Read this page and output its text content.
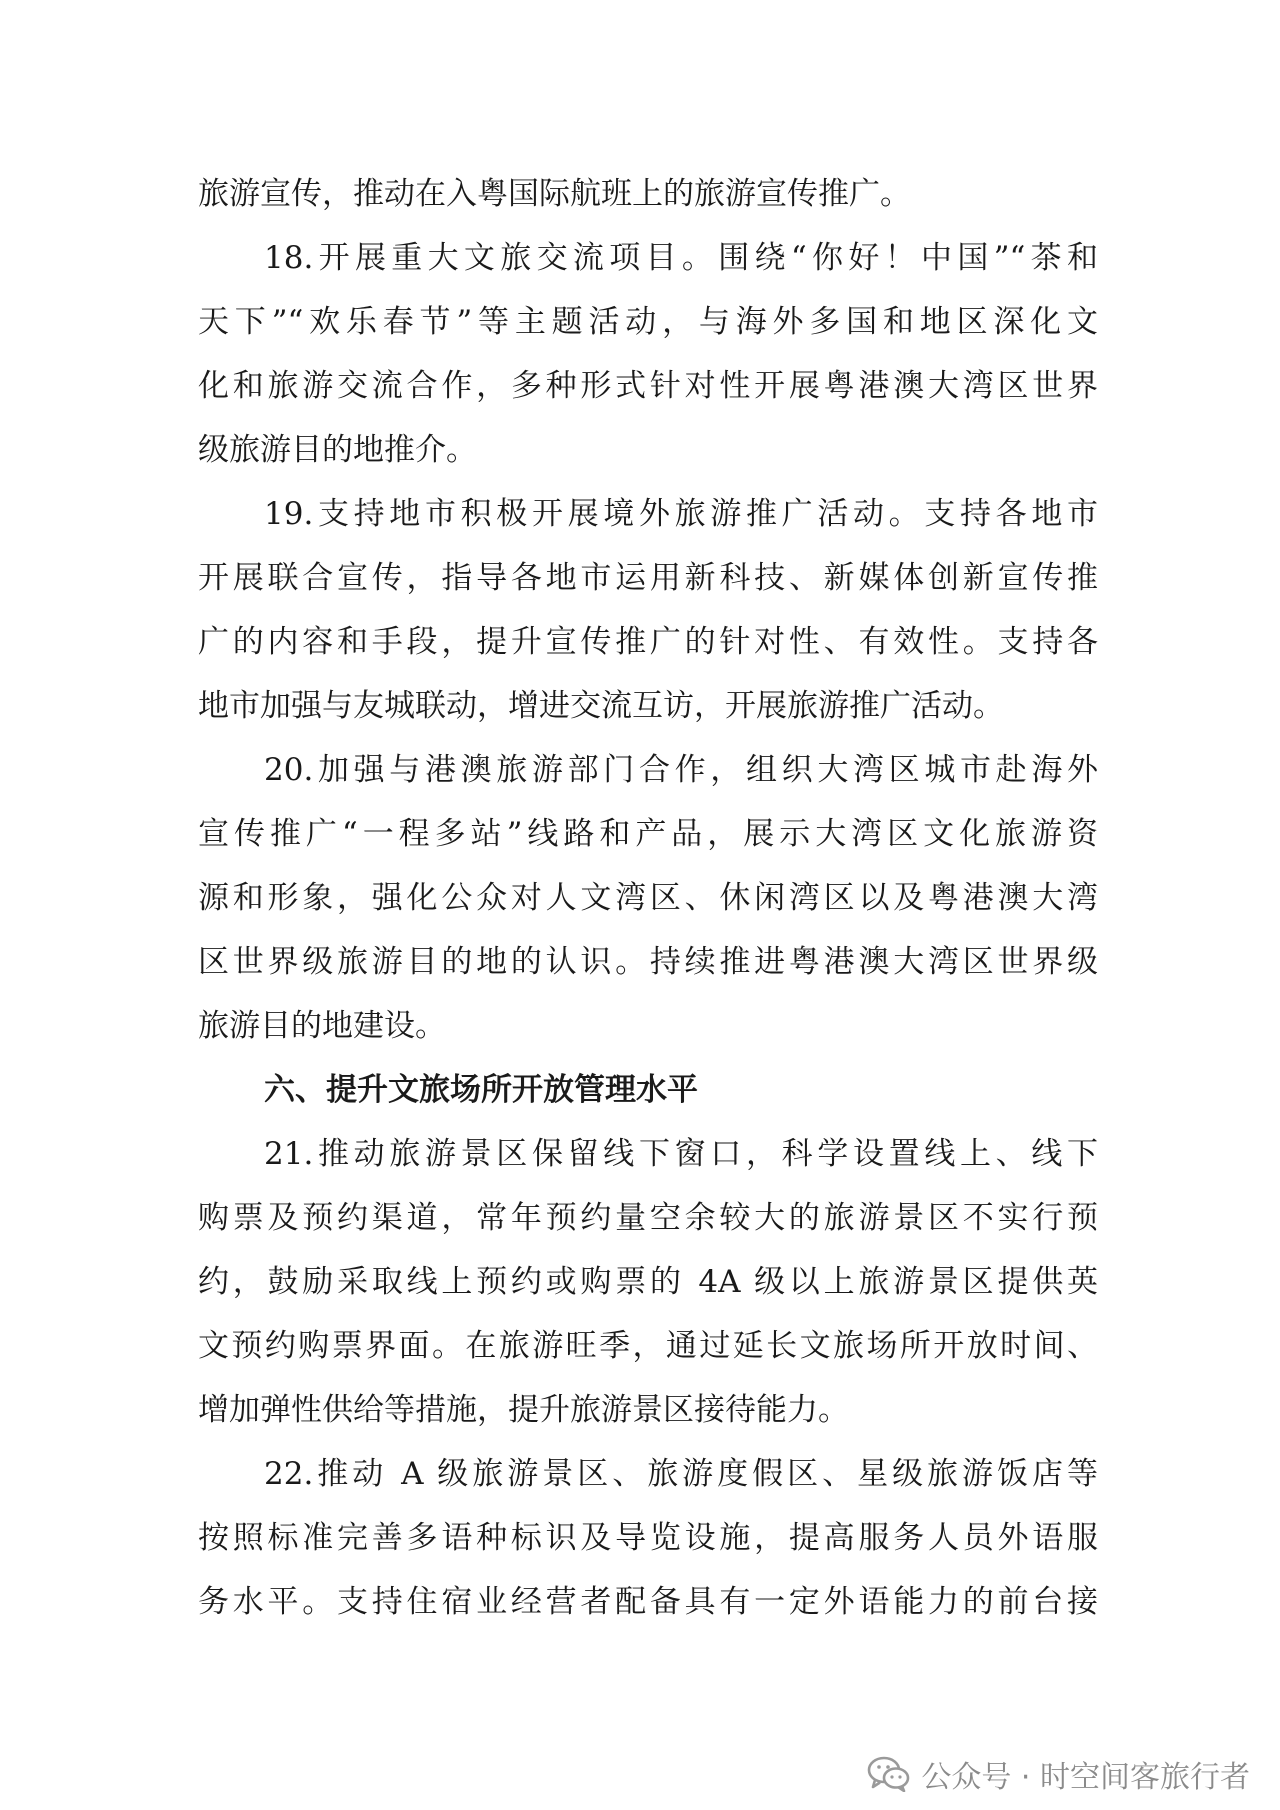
旅游宣传，推动在入粤国际航班上的旅游宣传推广。
18.开展重大文旅交流项目。围绕“你好！中国”“茶和
天下”“欢乐春节”等主题活动，与海外多国和地区深化文
化和旅游交流合作，多种形式针对性开展粤港澳大湾区世界
级旅游目的地推介。
19.支持地市积极开展境外旅游推广活动。支持各地市
开展联合宣传，指导各地市运用新科技、新媒体创新宣传推
广的内容和手段，提升宣传推广的针对性、有效性。支持各
地市加强与友城联动，增进交流互访，开展旅游推广活动。
20.加强与港澳旅游部门合作，组织大湾区城市赴海外
宣传推广“一程多站”线路和产品，展示大湾区文化旅游资
源和形象，强化公众对人文湾区、休闲湾区以及粤港澳大湾
区世界级旅游目的地的认识。持续推进粤港澳大湾区世界级
旅游目的地建设。
六、提升文旅场所开放管理水平
21.推动旅游景区保留线下窗口，科学设置线上、线下
购票及预约渠道，常年预约量空余较大的旅游景区不实行预
约，鼓励采取线上预约或购票的 4A 级以上旅游景区提供英
文预约购票界面。在旅游旺季，通过延长文旅场所开放时间、
增加弹性供给等措施，提升旅游景区接待能力。
22.推动 A 级旅游景区、旅游度假区、星级旅游饭店等
按照标准完善多语种标识及导览设施，提高服务人员外语服
务水平。支持住宿业经营者配备具有一定外语能力的前台接
公众号 · 时空间客旅行者
